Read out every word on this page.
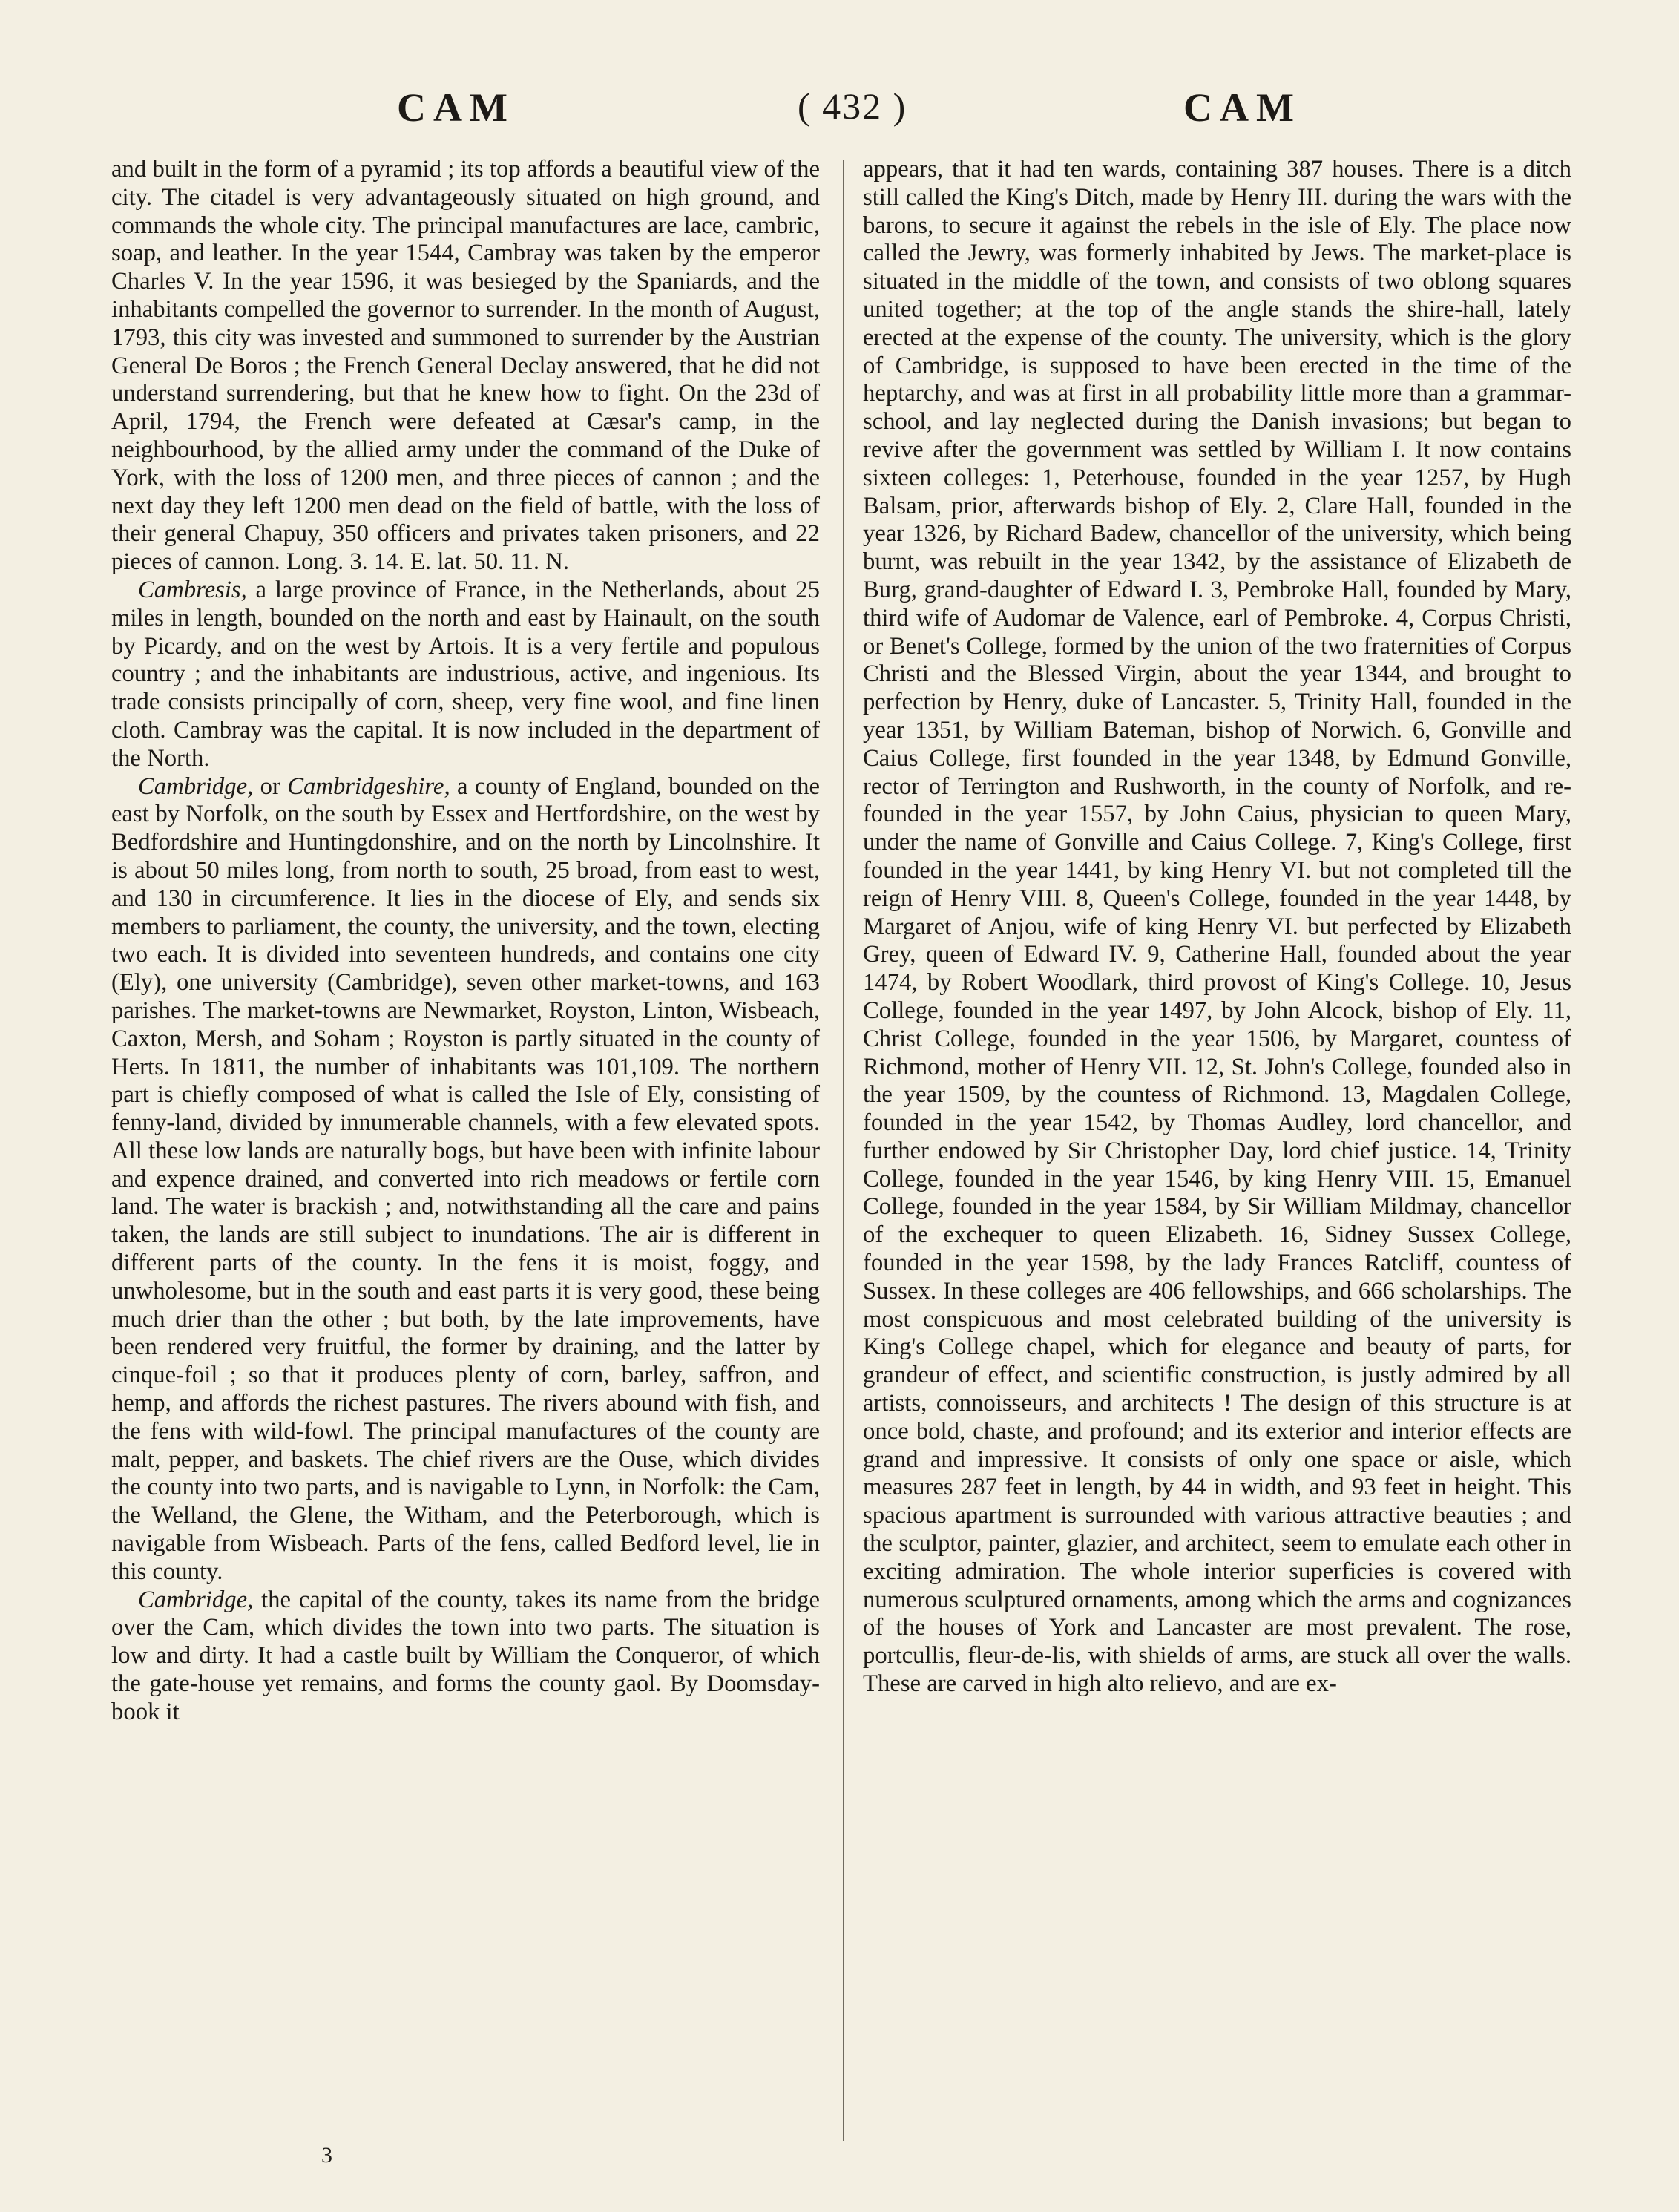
CAM	( 432 )	CAM

and built in the form of a pyramid ; its top affords a beautiful view of the city. The citadel is very advantageously situated on high ground, and commands the whole city. The principal manufactures are lace, cambric, soap, and leather. In the year 1544, Cambray was taken by the emperor Charles V. In the year 1596, it was besieged by the Spaniards, and the inhabitants compelled the governor to surrender. In the month of August, 1793, this city was invested and summoned to surrender by the Austrian General De Boros ; the French General Declay answered, that he did not understand surrendering, but that he knew how to fight. On the 23d of April, 1794, the French were defeated at Cæsar's camp, in the neighbourhood, by the allied army under the command of the Duke of York, with the loss of 1200 men, and three pieces of cannon ; and the next day they left 1200 men dead on the field of battle, with the loss of their general Chapuy, 350 officers and privates taken prisoners, and 22 pieces of cannon. Long. 3. 14. E. lat. 50. 11. N.

Cambresis, a large province of France, in the Netherlands, about 25 miles in length, bounded on the north and east by Hainault, on the south by Picardy, and on the west by Artois. It is a very fertile and populous country ; and the inhabitants are industrious, active, and ingenious. Its trade consists principally of corn, sheep, very fine wool, and fine linen cloth. Cambray was the capital. It is now included in the department of the North.

Cambridge, or Cambridgeshire, a county of England, bounded on the east by Norfolk, on the south by Essex and Hertfordshire, on the west by Bedfordshire and Huntingdonshire, and on the north by Lincolnshire. It is about 50 miles long, from north to south, 25 broad, from east to west, and 130 in circumference. It lies in the diocese of Ely, and sends six members to parliament, the county, the university, and the town, electing two each. It is divided into seventeen hundreds, and contains one city (Ely), one university (Cambridge), seven other market-towns, and 163 parishes. The market-towns are Newmarket, Royston, Linton, Wisbeach, Caxton, Mersh, and Soham ; Royston is partly situated in the county of Herts. In 1811, the number of inhabitants was 101,109. The northern part is chiefly composed of what is called the Isle of Ely, consisting of fenny-land, divided by innumerable channels, with a few elevated spots. All these low lands are naturally bogs, but have been with infinite labour and expence drained, and converted into rich meadows or fertile corn land. The water is brackish ; and, notwithstanding all the care and pains taken, the lands are still subject to inundations. The air is different in different parts of the county. In the fens it is moist, foggy, and unwholesome, but in the south and east parts it is very good, these being much drier than the other ; but both, by the late improvements, have been rendered very fruitful, the former by draining, and the latter by cinque-foil ; so that it produces plenty of corn, barley, saffron, and hemp, and affords the richest pastures. The rivers abound with fish, and the fens with wild-fowl. The principal manufactures of the county are malt, pepper, and baskets. The chief rivers are the Ouse, which divides the county into two parts, and is navigable to Lynn, in Norfolk: the Cam, the Welland, the Glene, the Witham, and the Peterborough, which is navigable from Wisbeach. Parts of the fens, called Bedford level, lie in this county.

Cambridge, the capital of the county, takes its name from the bridge over the Cam, which divides the town into two parts. The situation is low and dirty. It had a castle built by William the Conqueror, of which the gate-house yet remains, and forms the county gaol. By Doomsday-book it

appears, that it had ten wards, containing 387 houses. There is a ditch still called the King's Ditch, made by Henry III. during the wars with the barons, to secure it against the rebels in the isle of Ely. The place now called the Jewry, was formerly inhabited by Jews. The market-place is situated in the middle of the town, and consists of two oblong squares united together; at the top of the angle stands the shire-hall, lately erected at the expense of the county. The university, which is the glory of Cambridge, is supposed to have been erected in the time of the heptarchy, and was at first in all probability little more than a grammar-school, and lay neglected during the Danish invasions; but began to revive after the government was settled by William I. It now contains sixteen colleges: 1, Peterhouse, founded in the year 1257, by Hugh Balsam, prior, afterwards bishop of Ely. 2, Clare Hall, founded in the year 1326, by Richard Badew, chancellor of the university, which being burnt, was rebuilt in the year 1342, by the assistance of Elizabeth de Burg, grand-daughter of Edward I. 3, Pembroke Hall, founded by Mary, third wife of Audomar de Valence, earl of Pembroke. 4, Corpus Christi, or Benet's College, formed by the union of the two fraternities of Corpus Christi and the Blessed Virgin, about the year 1344, and brought to perfection by Henry, duke of Lancaster. 5, Trinity Hall, founded in the year 1351, by William Bateman, bishop of Norwich. 6, Gonville and Caius College, first founded in the year 1348, by Edmund Gonville, rector of Terrington and Rushworth, in the county of Norfolk, and re-founded in the year 1557, by John Caius, physician to queen Mary, under the name of Gonville and Caius College. 7, King's College, first founded in the year 1441, by king Henry VI. but not completed till the reign of Henry VIII. 8, Queen's College, founded in the year 1448, by Margaret of Anjou, wife of king Henry VI. but perfected by Elizabeth Grey, queen of Edward IV. 9, Catherine Hall, founded about the year 1474, by Robert Woodlark, third provost of King's College. 10, Jesus College, founded in the year 1497, by John Alcock, bishop of Ely. 11, Christ College, founded in the year 1506, by Margaret, countess of Richmond, mother of Henry VII. 12, St. John's College, founded also in the year 1509, by the countess of Richmond. 13, Magdalen College, founded in the year 1542, by Thomas Audley, lord chancellor, and further endowed by Sir Christopher Day, lord chief justice. 14, Trinity College, founded in the year 1546, by king Henry VIII. 15, Emanuel College, founded in the year 1584, by Sir William Mildmay, chancellor of the exchequer to queen Elizabeth. 16, Sidney Sussex College, founded in the year 1598, by the lady Frances Ratcliff, countess of Sussex. In these colleges are 406 fellowships, and 666 scholarships. The most conspicuous and most celebrated building of the university is King's College chapel, which for elegance and beauty of parts, for grandeur of effect, and scientific construction, is justly admired by all artists, connoisseurs, and architects ! The design of this structure is at once bold, chaste, and profound; and its exterior and interior effects are grand and impressive. It consists of only one space or aisle, which measures 287 feet in length, by 44 in width, and 93 feet in height. This spacious apartment is surrounded with various attractive beauties ; and the sculptor, painter, glazier, and architect, seem to emulate each other in exciting admiration. The whole interior superficies is covered with numerous sculptured ornaments, among which the arms and cognizances of the houses of York and Lancaster are most prevalent. The rose, portcullis, fleur-de-lis, with shields of arms, are stuck all over the walls. These are carved in high alto relievo, and are ex-

3
